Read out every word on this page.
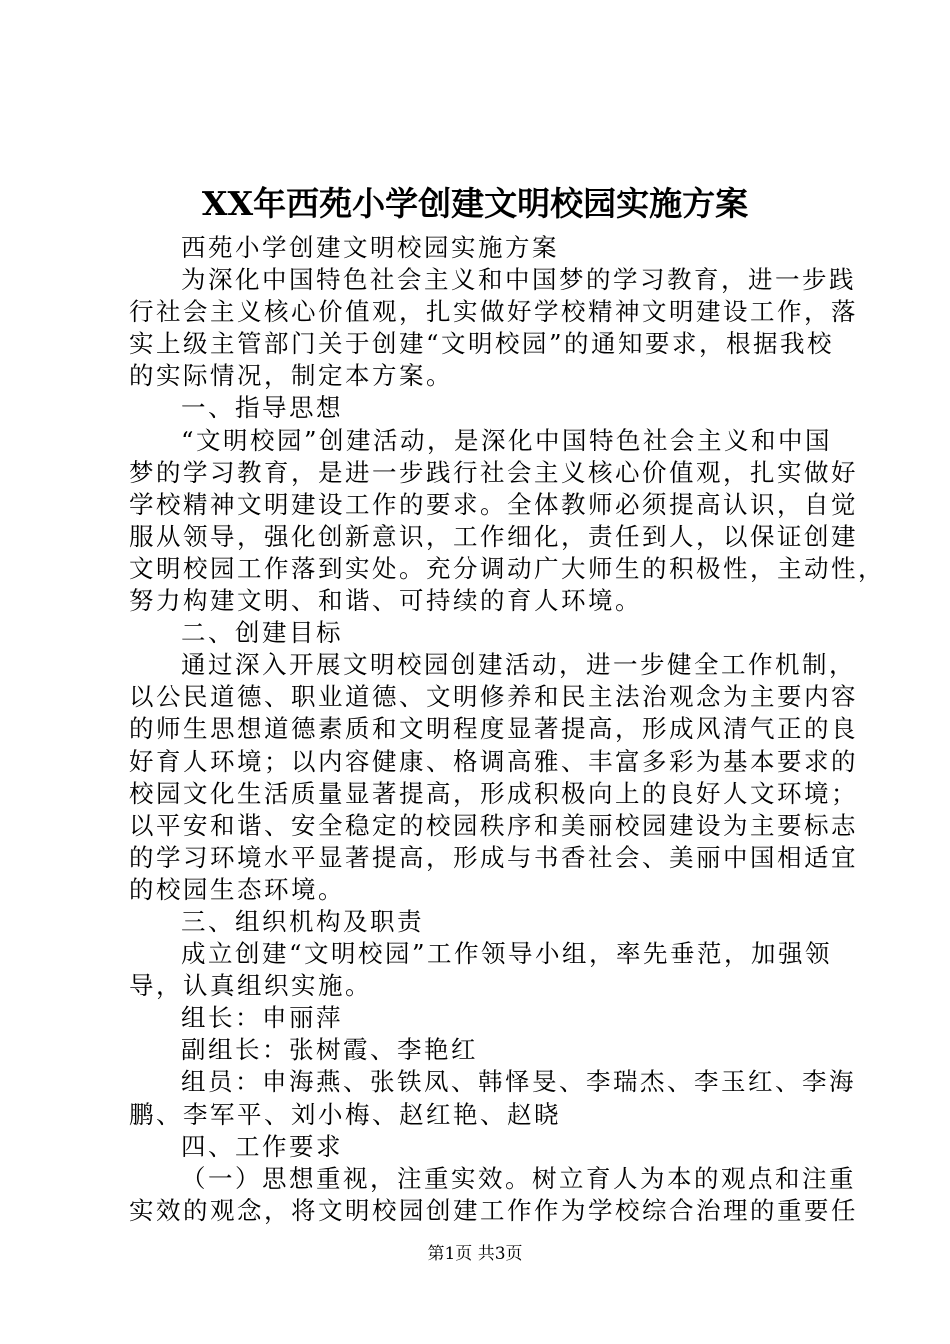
XX年西苑小学创建文明校园实施方案
西苑小学创建文明校园实施方案
为深化中国特色社会主义和中国梦的学习教育，进一步践
行社会主义核心价值观，扎实做好学校精神文明建设工作，落
实上级主管部门关于创建“文明校园”的通知要求，根据我校
的实际情况，制定本方案。
一、指导思想
“文明校园”创建活动，是深化中国特色社会主义和中国
梦的学习教育，是进一步践行社会主义核心价值观，扎实做好
学校精神文明建设工作的要求。全体教师必须提高认识，自觉
服从领导，强化创新意识，工作细化，责任到人，以保证创建
文明校园工作落到实处。充分调动广大师生的积极性，主动性，
努力构建文明、和谐、可持续的育人环境。
二、创建目标
通过深入开展文明校园创建活动，进一步健全工作机制，
以公民道德、职业道德、文明修养和民主法治观念为主要内容
的师生思想道德素质和文明程度显著提高，形成风清气正的良
好育人环境；以内容健康、格调高雅、丰富多彩为基本要求的
校园文化生活质量显著提高，形成积极向上的良好人文环境；
以平安和谐、安全稳定的校园秩序和美丽校园建设为主要标志
的学习环境水平显著提高，形成与书香社会、美丽中国相适宜
的校园生态环境。
三、组织机构及职责
成立创建“文明校园”工作领导小组，率先垂范，加强领
导，认真组织实施。
组长：申丽萍
副组长：张树霞、李艳红
组员：申海燕、张铁凤、韩怿旻、李瑞杰、李玉红、李海
鹏、李军平、刘小梅、赵红艳、赵晓
四、工作要求
（一）思想重视，注重实效。树立育人为本的观点和注重
实效的观念，将文明校园创建工作作为学校综合治理的重要任
第1页 共3页
